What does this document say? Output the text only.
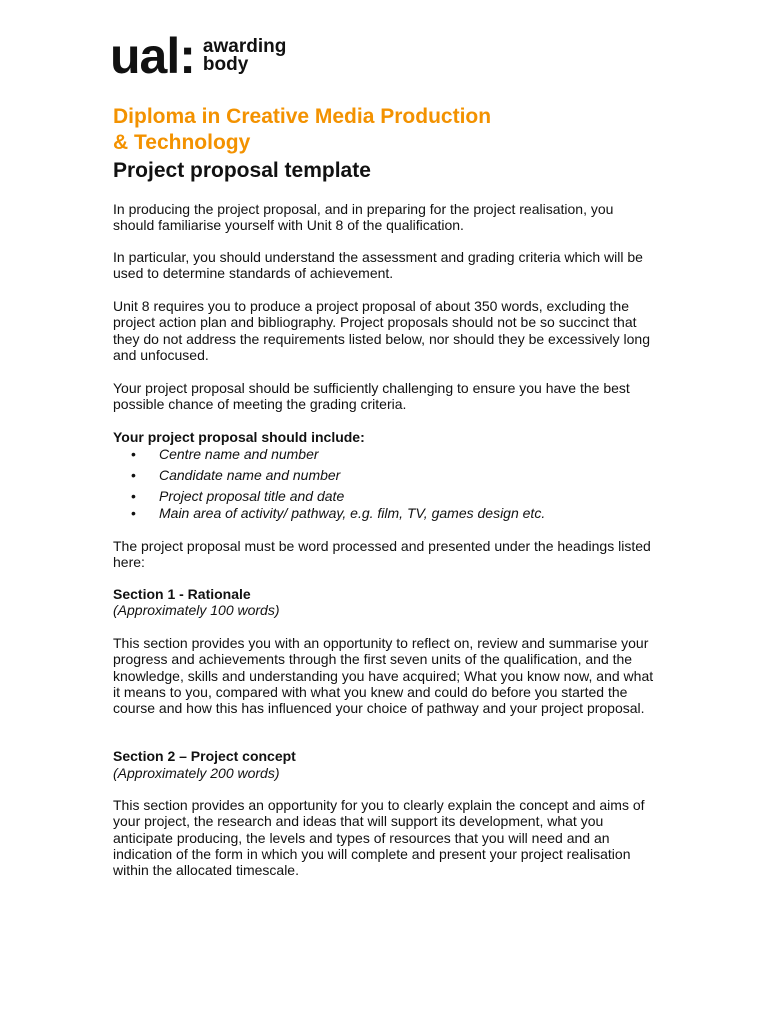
ual: awarding
body
Diploma in Creative Media Production
& Technology
Project proposal template

In producing the project proposal, and in preparing for the project realisation, you should familiarise yourself with Unit 8 of the qualification.

In particular, you should understand the assessment and grading criteria which will be used to determine standards of achievement.

Unit 8 requires you to produce a project proposal of about 350 words, excluding the project action plan and bibliography. Project proposals should not be so succinct that they do not address the requirements listed below, nor should they be excessively long and unfocused.

Your project proposal should be sufficiently challenging to ensure you have the best possible chance of meeting the grading criteria.

Your project proposal should include:

• Centre name and number
• Candidate name and number
• Project proposal title and date
• Main area of activity/ pathway, e.g. film, TV, games design etc.

The project proposal must be word processed and presented under the headings listed here:

Section 1 - Rationale

(Approximately 100 words)

This section provides you with an opportunity to reflect on, review and summarise your progress and achievements through the first seven units of the qualification, and the knowledge, skills and understanding you have acquired; What you know now, and what it means to you, compared with what you knew and could do before you started the course and how this has influenced your choice of pathway and your project proposal.

Section 2 – Project concept

(Approximately 200 words)

This section provides an opportunity for you to clearly explain the concept and aims of your project, the research and ideas that will support its development, what you anticipate producing, the levels and types of resources that you will need and an indication of the form in which you will complete and present your project realisation within the allocated timescale.
